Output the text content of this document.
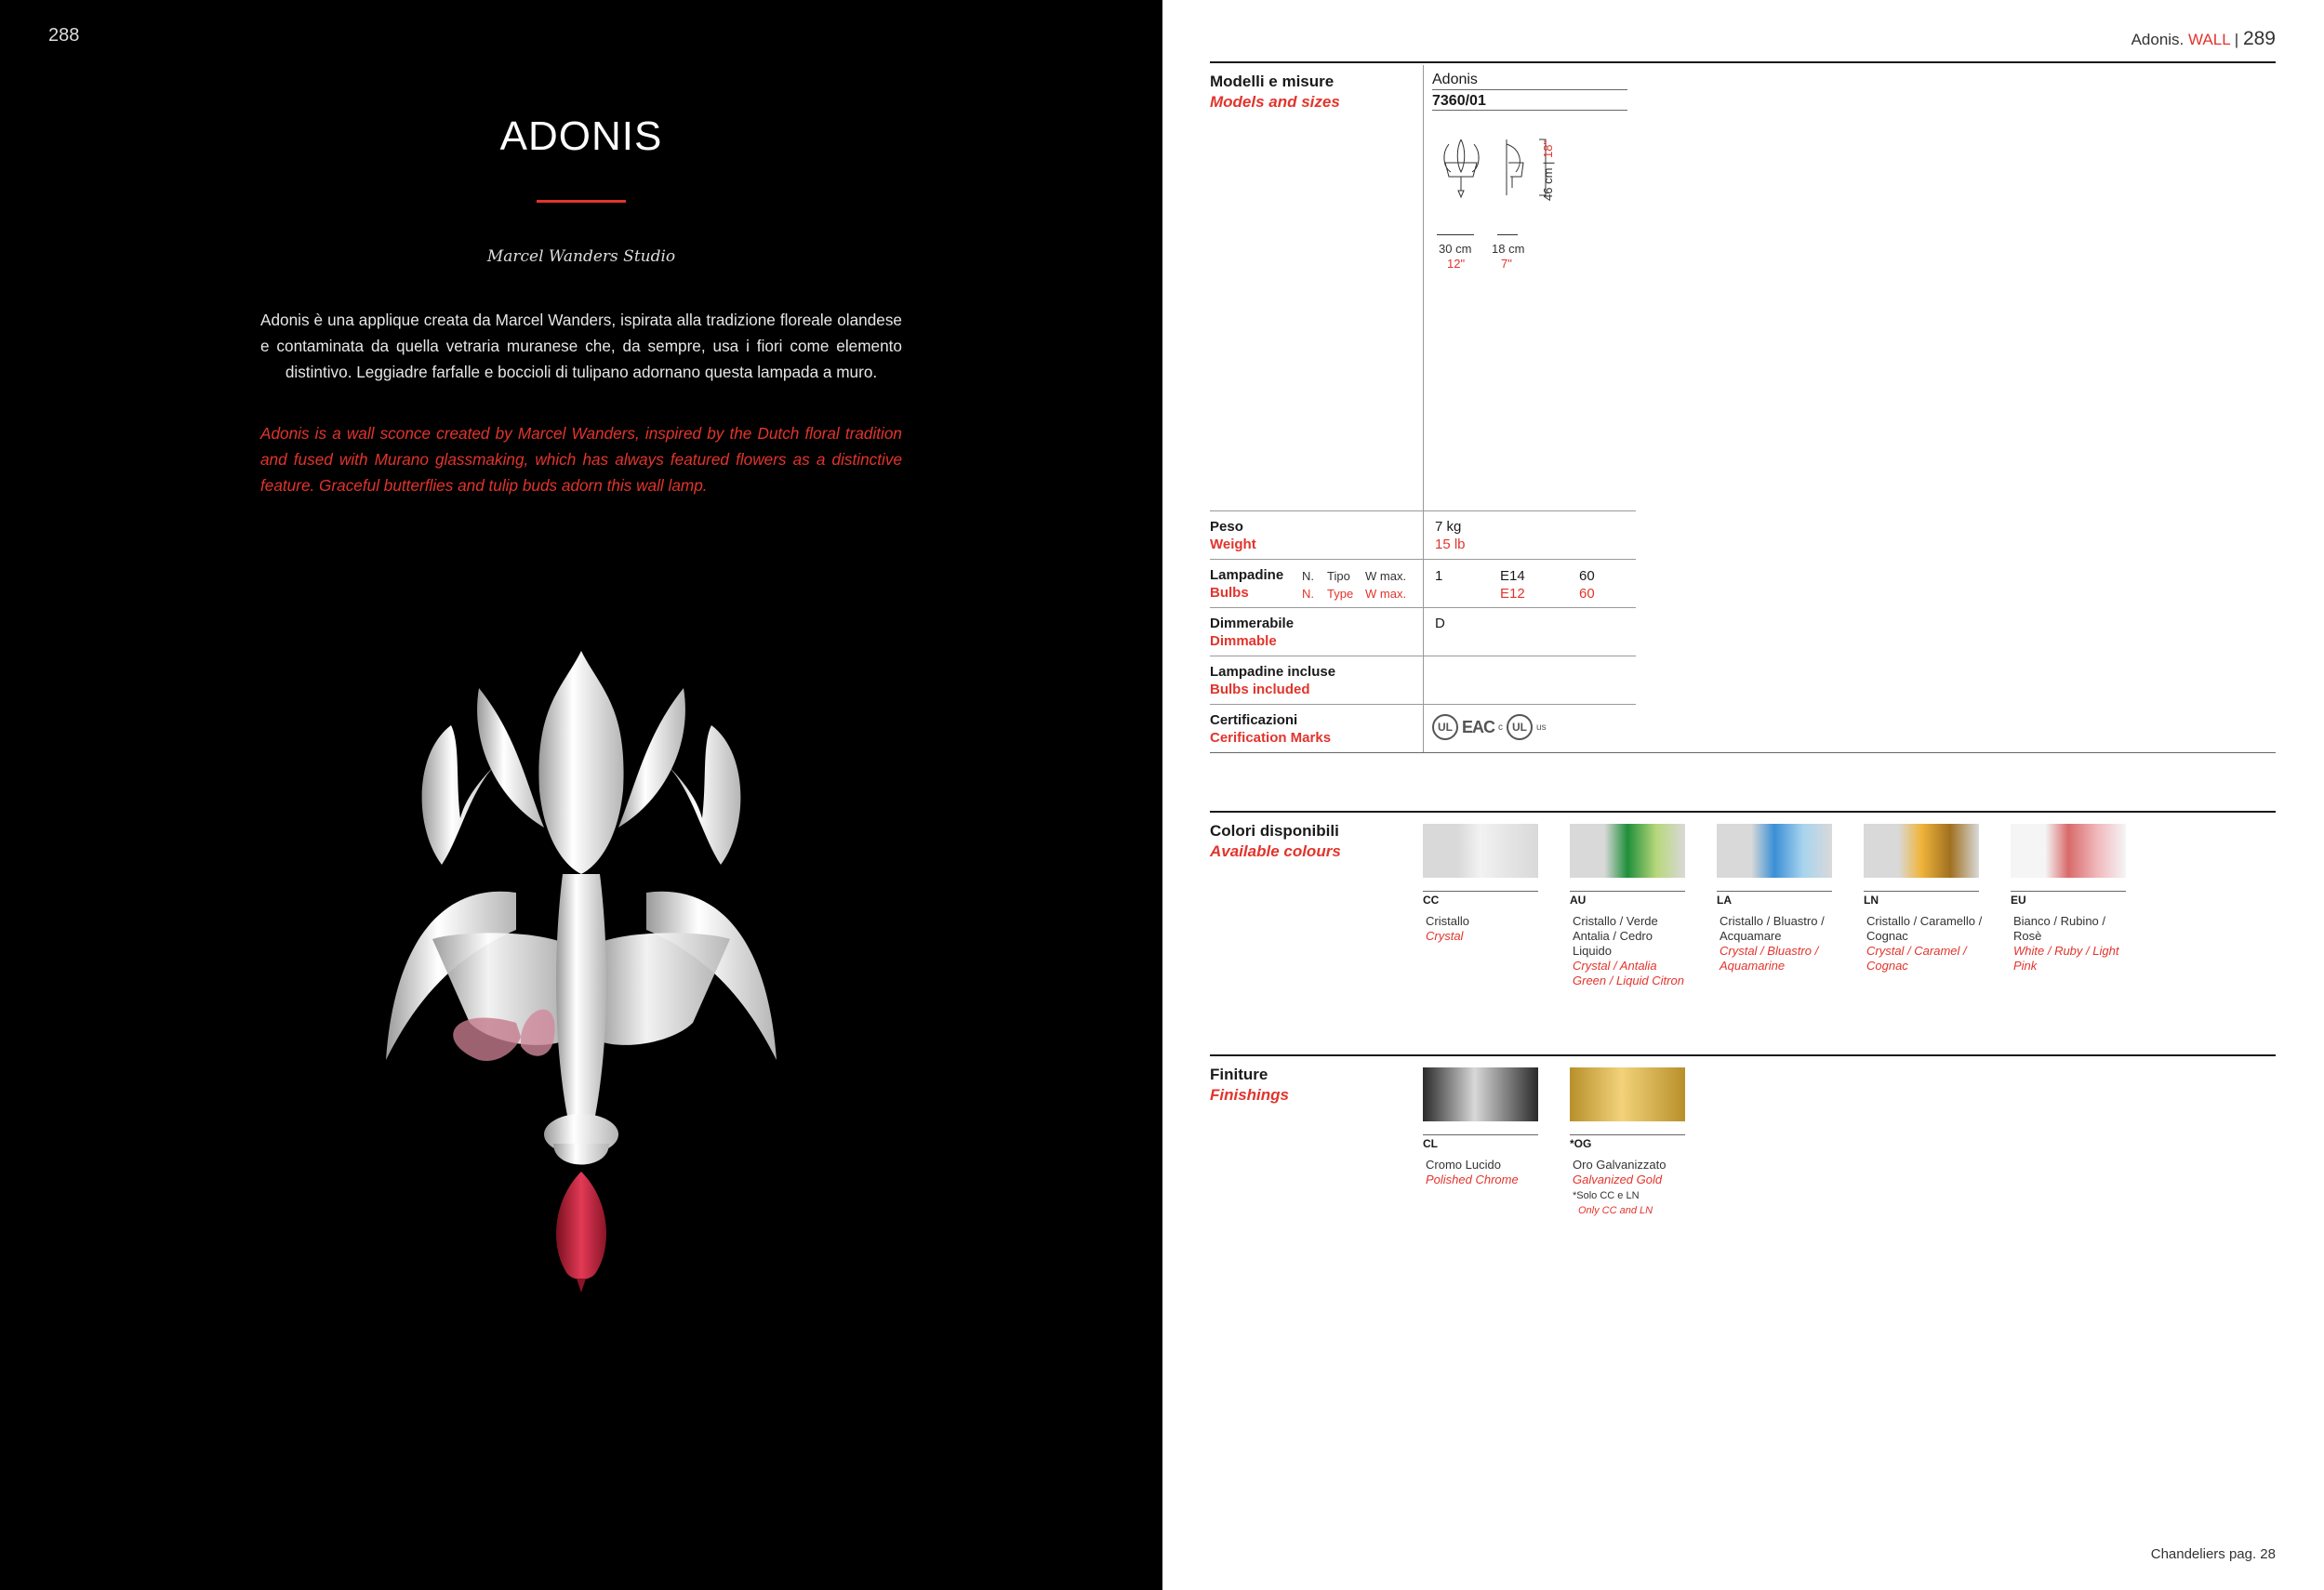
288
ADONIS
Marcel Wanders Studio
Adonis è una applique creata da Marcel Wanders, ispirata alla tradizione floreale olandese e contaminata da quella vetraria muranese che, da sempre, usa i fiori come elemento distintivo. Leggiadre farfalle e boccioli di tulipano adornano questa lampada a muro.
Adonis is a wall sconce created by Marcel Wanders, inspired by the Dutch floral tradition and fused with Murano glassmaking, which has always featured flowers as a distinctive feature. Graceful butterflies and tulip buds adorn this wall lamp.
Adonis. WALL | 289
Modelli e misure
Models and sizes
Adonis
7360/01
46 cm | 18"
30 cm
12"
18 cm
7"
Peso
Weight
7 kg
15 lb
Lampadine
Bulbs
N. Tipo W max.
N. Type W max.
1	E14
E12
60
60
Dimmerabile
Dimmable
D
Lampadine incluse
Bulbs included
Certificazioni
Cerification Marks
UL EAC c UL	us
Colori disponibili
Available colours
CC
Cristallo
Crystal
AU
Cristallo / Verde Antalia / Cedro Liquido
Crystal / Antalia Green / Liquid Citron
LA
Cristallo / Bluastro / Acquamare
Crystal / Bluastro / Aquamarine
LN
Cristallo / Caramello / Cognac
Crystal / Caramel / Cognac
EU
Bianco / Rubino / Rosè
White / Ruby / Light Pink
Finiture
Finishings
CL
Cromo Lucido
Polished Chrome
*OG
Oro Galvanizzato
Galvanized Gold
*Solo CC e LN
Only CC and LN
Chandeliers pag. 28
